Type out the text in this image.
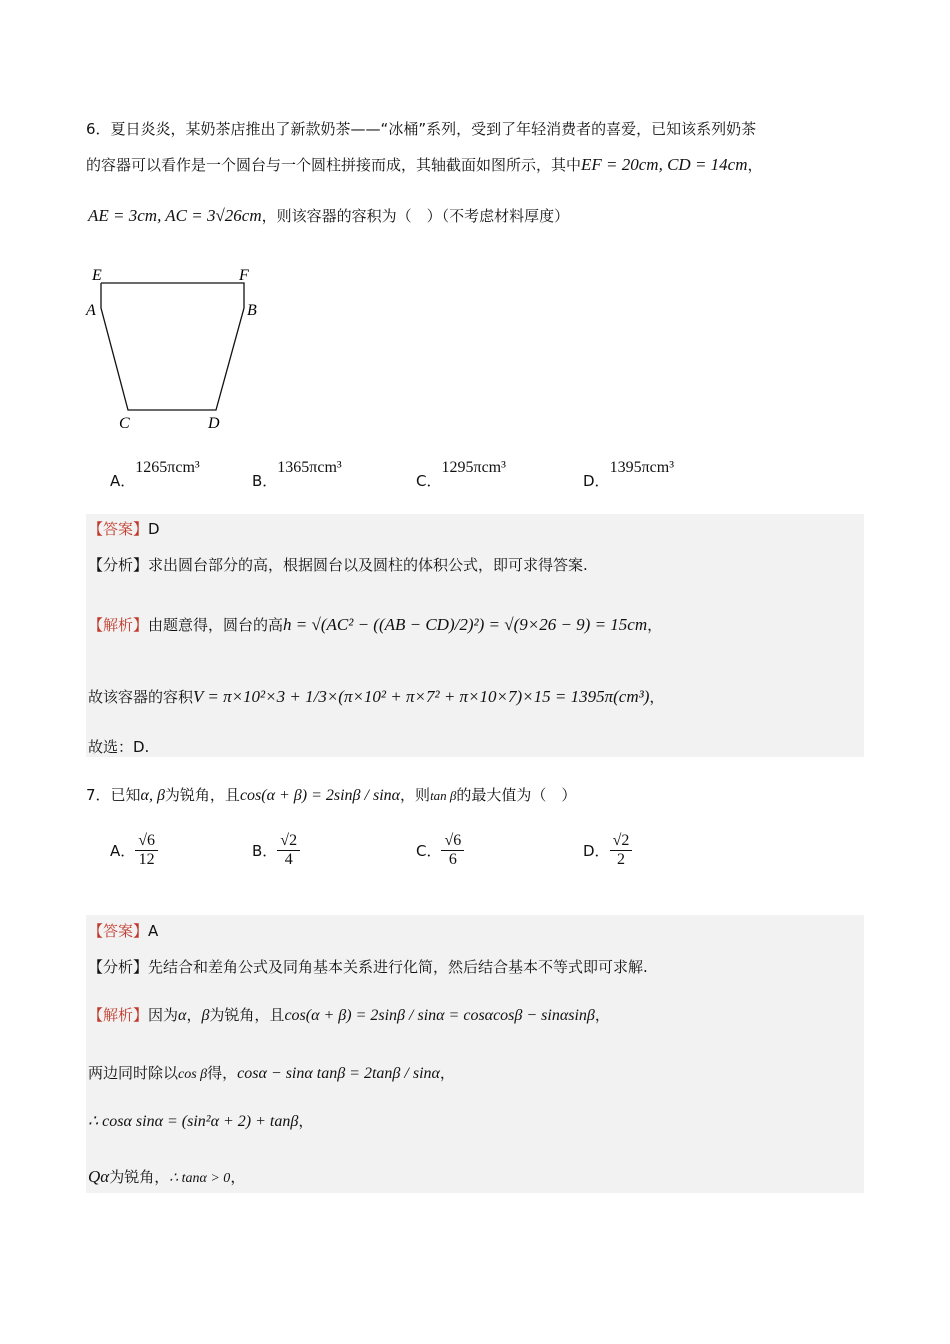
6．夏日炎炎，某奶茶店推出了新款奶茶——“冰桶”系列，受到了年轻消费者的喜爱，已知该系列奶茶
的容器可以看作是一个圆台与一个圆柱拼接而成，其轴截面如图所示，其中EF = 20cm, CD = 14cm，
AE = 3cm, AC = 3√26cm，则该容器的容积为（　）（不考虑材料厚度）
E	F
A	B
C	D
A．1265πcm³
B．1365πcm³
C．1295πcm³
D．1395πcm³
【答案】D
【分析】求出圆台部分的高，根据圆台以及圆柱的体积公式，即可求得答案.
【解析】由题意得，圆台的高h = √(AC² − ((AB − CD)/2)²) = √(9×26 − 9) = 15cm，
故该容器的容积V = π×10²×3 + 1/3×(π×10² + π×7² + π×10×7)×15 = 1395π(cm³)，
故选：D.
7．已知α, β为锐角，且cos(α + β) = 2sinβ / sinα，则tan β的最大值为（　）
A． $\frac{√6}{12}$	B． $\frac{√2}{4}$	C． $\frac{√6}{6}$	D． $\frac{√2}{2}$
【答案】A
【分析】先结合和差角公式及同角基本关系进行化简，然后结合基本不等式即可求解.
【解析】因为α，β为锐角，且cos(α + β) = 2sinβ / sinα = cosαcosβ − sinαsinβ，
两边同时除以cos β得，cosα − sinα tanβ = 2tanβ / sinα，
∴ cosα sinα = (sin²α + 2) + tanβ，
Qα为锐角，∴ tanα > 0，
